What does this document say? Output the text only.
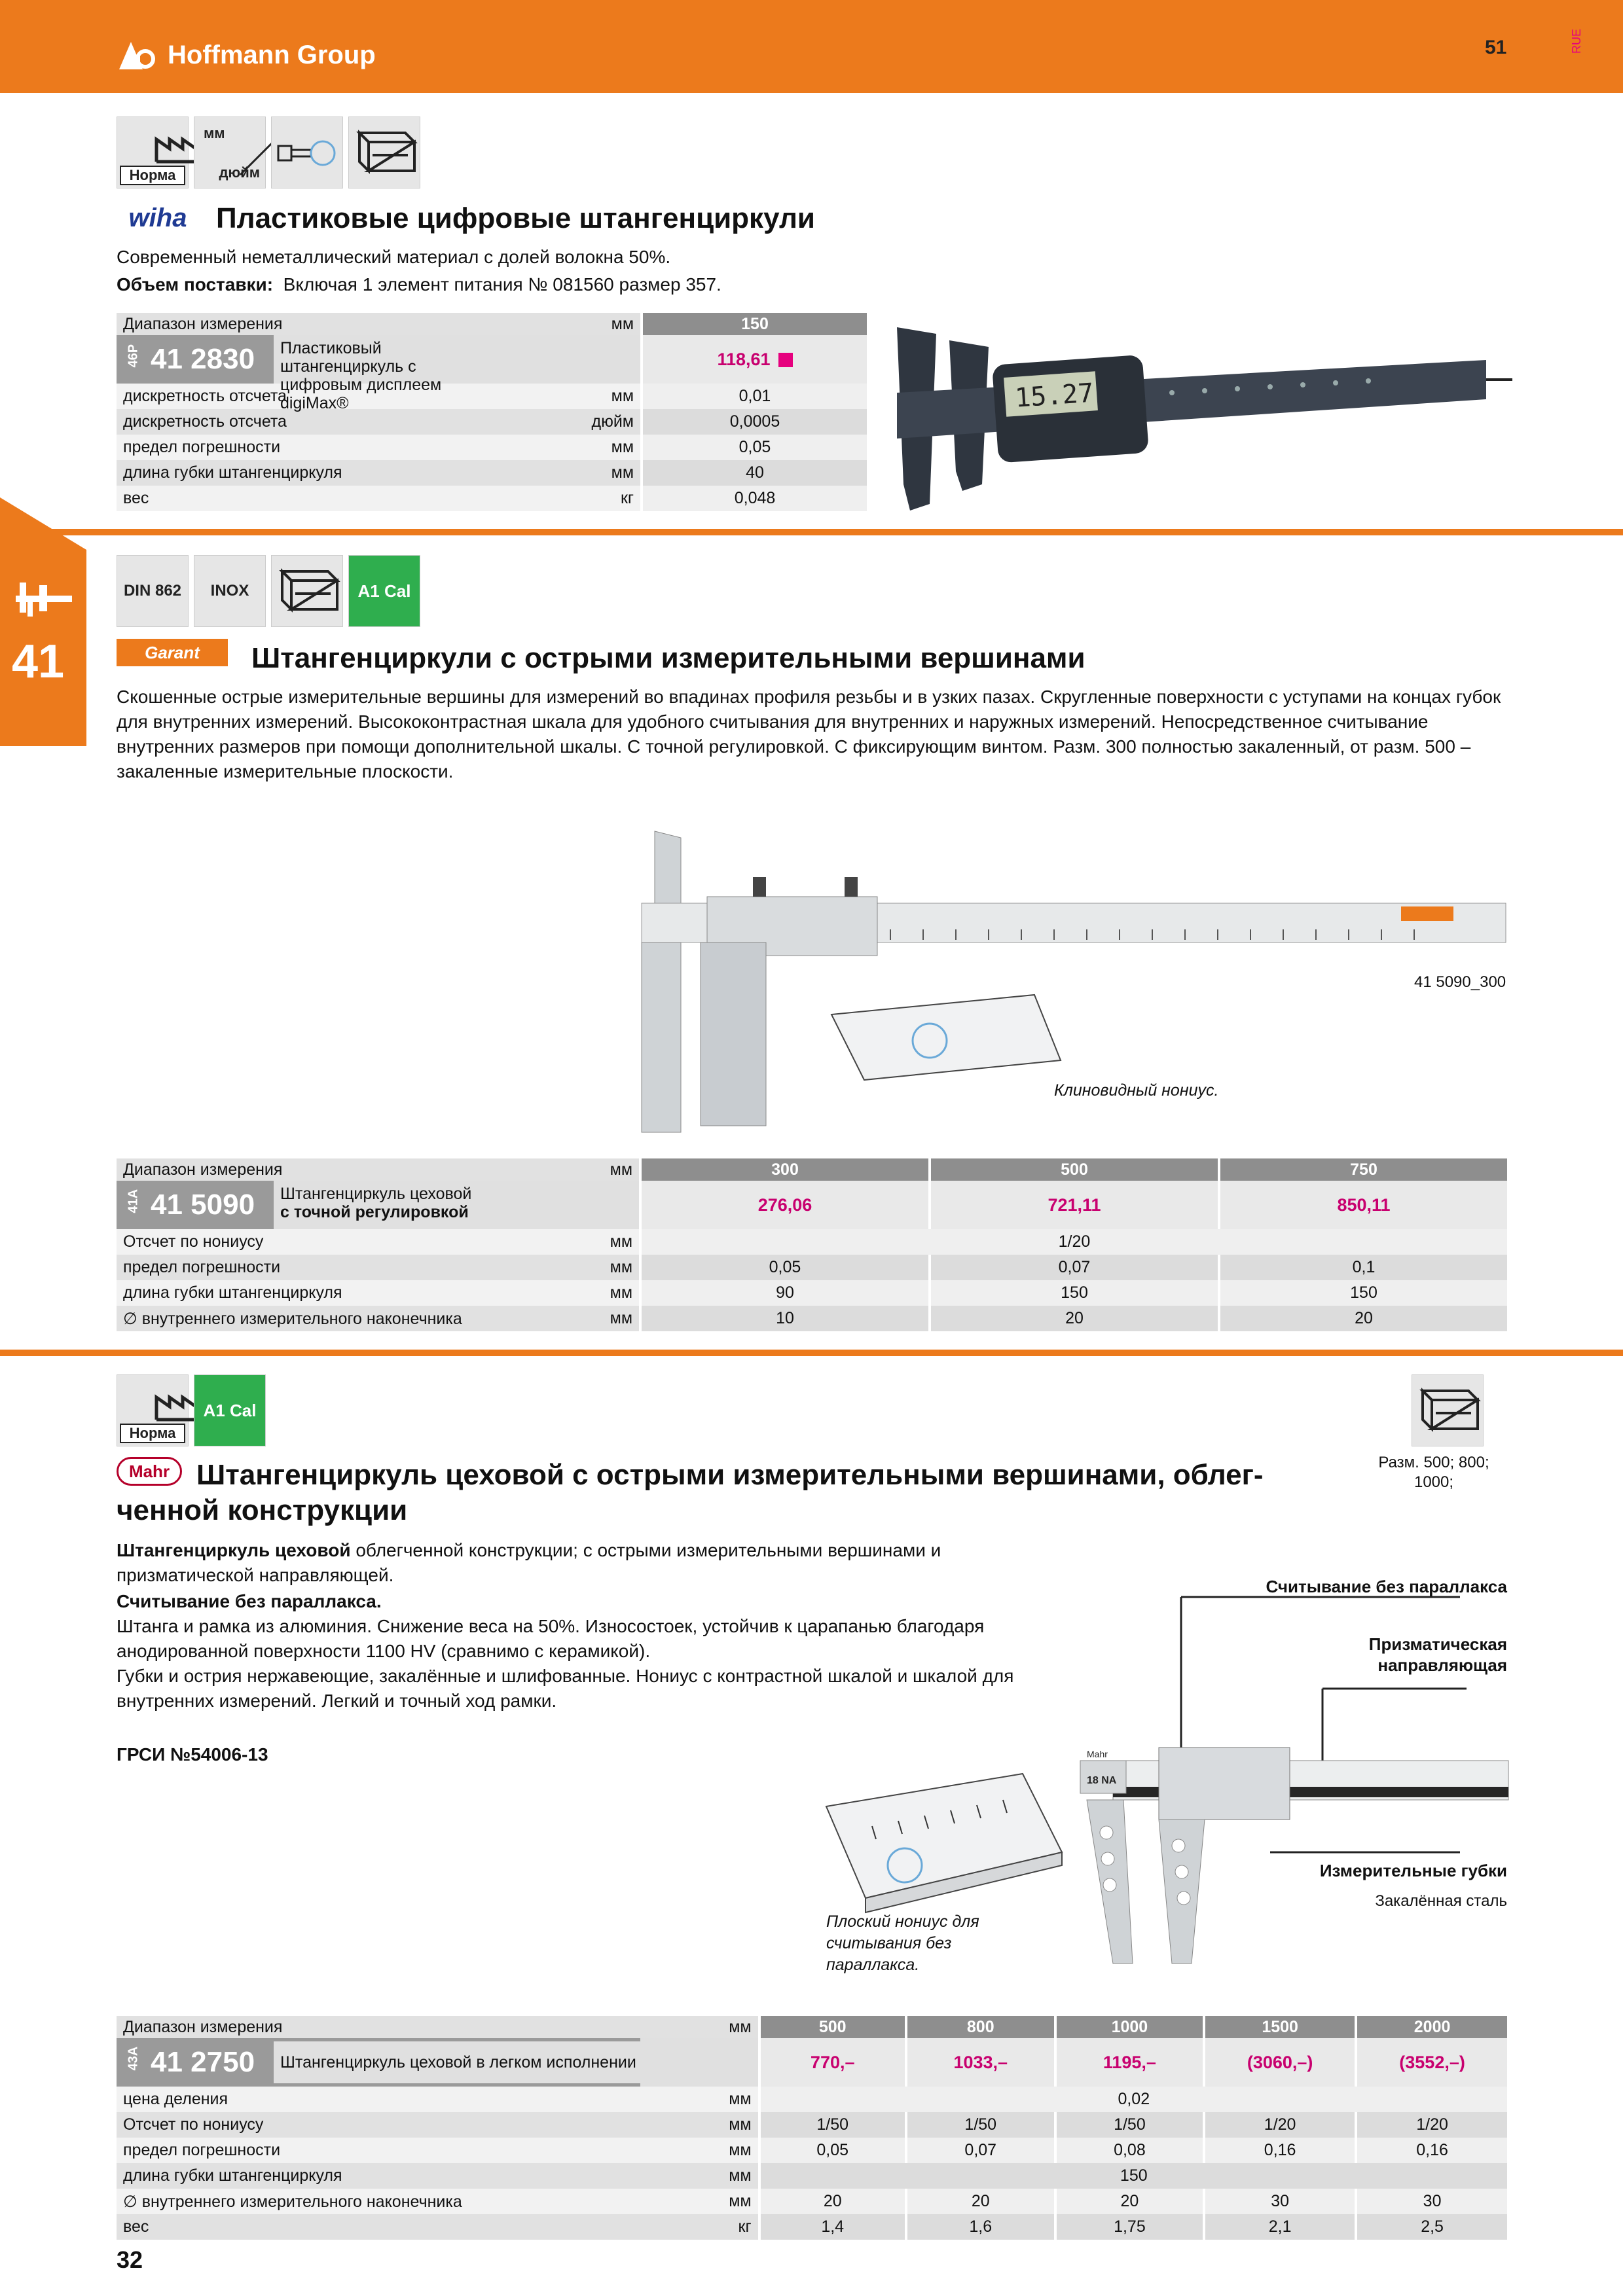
Hoffmann Group	51	RUE
41
Норма
мм
дюйм
wiha	Пластиковые цифровые штангенциркули
Современный неметаллический материал с долей волокна 50%.
Объем поставки: Включая 1 элемент питания № 081560 размер 357.
Диапазон измерения	мм	150

46P 41 2830 Пластиковый штангенциркуль с цифровым дисплеем digiMax®		118,61
дискретность отсчета	мм	0,01
дискретность отсчета	дюйм	0,0005
предел погрешности	мм	0,05
длина губки штангенциркуля	мм	40
вес	кг	0,048
15.27
DIN 862 INOX	A1 Cal
Garant	Штангенциркули с острыми измерительными вершинами
Скошенные острые измерительные вершины для измерений во впадинах профиля резьбы и в узких пазах. Скругленные поверхности с уступами на концах губок для внутренних измерений. Высококонтрастная шкала для удобного считывания для внутренних и наружных измерений. Непосредственное считывание внутренних размеров при помощи дополнительной шкалы. С точной регулировкой. С фиксирующим винтом. Разм. 300 полностью закаленный, от разм. 500 – закаленные измерительные плоскости.
41 5090_300
Клиновидный нониус.
Диапазон измерения	мм	300	500	750

41A 41 5090 Штангенциркуль цеховой
с точной регулировкой		276,06	721,11	850,11
Отсчет по нониусу	мм	1/20		
предел погрешности	мм	0,05	0,07	0,1
длина губки штангенциркуля	мм	90	150	150
∅ внутреннего измерительного наконечника	мм	10	20	20
Норма
A1 Cal
Разм. 500; 800; 1000;
Mahr Штангенциркуль цеховой с острыми измерительными вершинами, облег-
ченной конструкции
Штангенциркуль цеховой облегченной конструкции; с острыми измерительными вершинами и призматической направляющей.
Считывание без параллакса.
Штанга и рамка из алюминия. Снижение веса на 50%. Износостоек, устойчив к царапанью благодаря анодированной поверхности 1100 HV (сравнимо с керамикой).
Губки и острия нержавеющие, закалённые и шлифованные. Нониус с контрастной шкалой и шкалой для внутренних измерений. Легкий и точный ход рамки.
ГРСИ №54006-13
Плоский нониус для
считывания без
параллакса.
Mahr
18 NA
Считывание без параллакса
Призматическая
направляющая
Измерительные губки
Закалённая сталь
Диапазон измерения	мм	500	800	1000	1500	2000

43A 41 2750 Штангенциркуль цеховой в легком исполнении		770,–	1033,–	1195,–	(3060,–)	(3552,–)
цена деления	мм	0,02				
Отсчет по нониусу	мм	1/50	1/50	1/50	1/20	1/20
предел погрешности	мм	0,05	0,07	0,08	0,16	0,16
длина губки штангенциркуля	мм	150				
∅ внутреннего измерительного наконечника	мм	20	20	20	30	30
вес	кг	1,4	1,6	1,75	2,1	2,5
32
